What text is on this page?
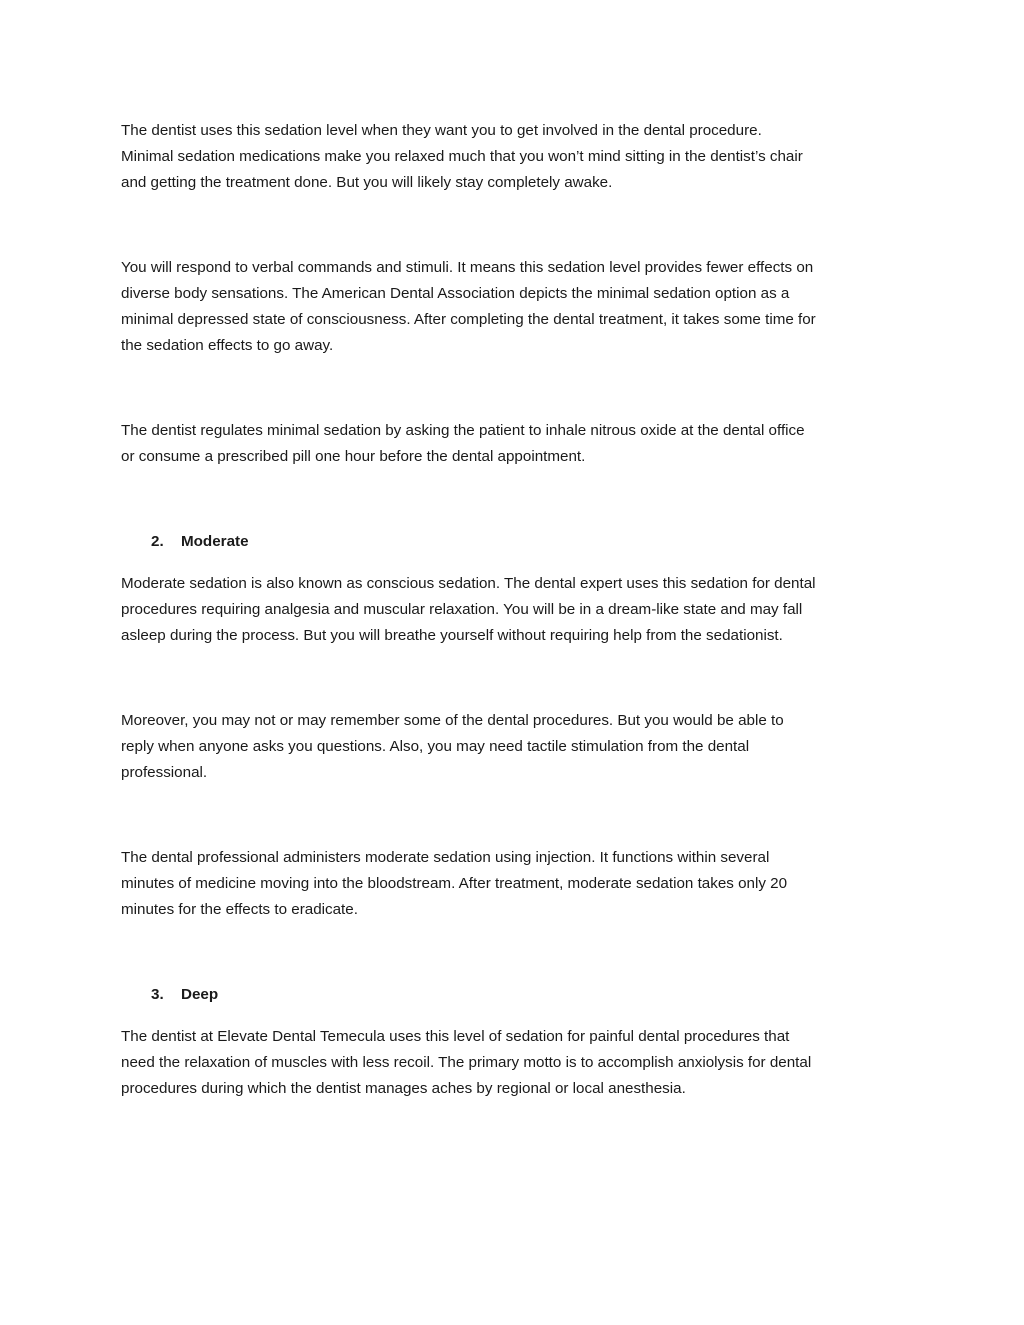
The dentist uses this sedation level when they want you to get involved in the dental procedure.
Minimal sedation medications make you relaxed much that you won’t mind sitting in the dentist’s chair
and getting the treatment done. But you will likely stay completely awake.

You will respond to verbal commands and stimuli. It means this sedation level provides fewer effects on
diverse body sensations. The American Dental Association depicts the minimal sedation option as a
minimal depressed state of consciousness. After completing the dental treatment, it takes some time for
the sedation effects to go away.

The dentist regulates minimal sedation by asking the patient to inhale nitrous oxide at the dental office
or consume a prescribed pill one hour before the dental appointment.

2. Moderate

Moderate sedation is also known as conscious sedation. The dental expert uses this sedation for dental
procedures requiring analgesia and muscular relaxation. You will be in a dream-like state and may fall
asleep during the process. But you will breathe yourself without requiring help from the sedationist.

Moreover, you may not or may remember some of the dental procedures. But you would be able to
reply when anyone asks you questions. Also, you may need tactile stimulation from the dental
professional.

The dental professional administers moderate sedation using injection. It functions within several
minutes of medicine moving into the bloodstream. After treatment, moderate sedation takes only 20
minutes for the effects to eradicate.

3. Deep

The dentist at Elevate Dental Temecula uses this level of sedation for painful dental procedures that
need the relaxation of muscles with less recoil. The primary motto is to accomplish anxiolysis for dental
procedures during which the dentist manages aches by regional or local anesthesia.
